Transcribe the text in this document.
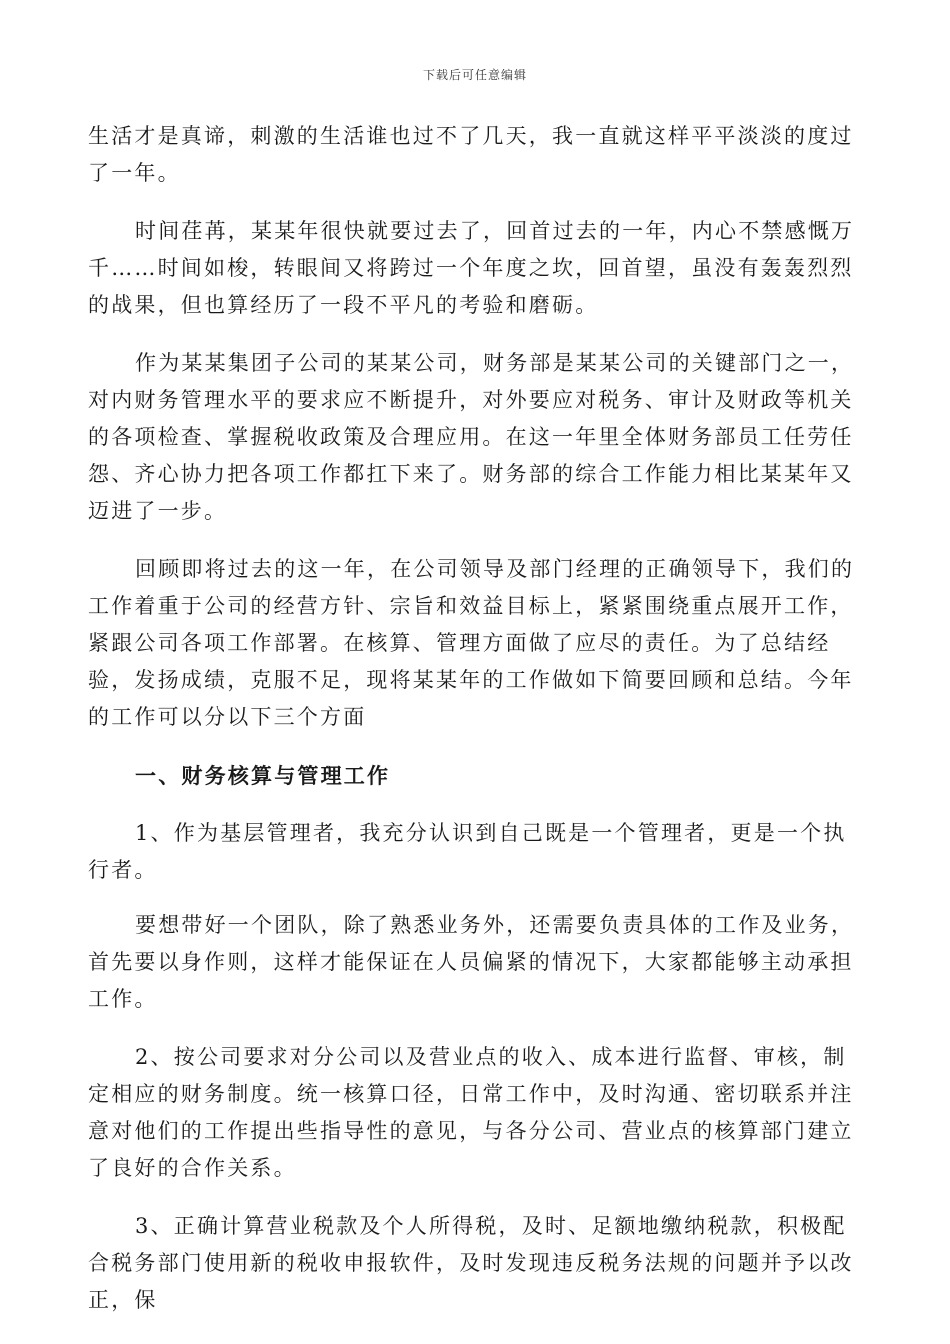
下载后可任意编辑

生活才是真谛，刺激的生活谁也过不了几天，我一直就这样平平淡淡的度过了一年。

时间荏苒，某某年很快就要过去了，回首过去的一年，内心不禁感慨万千……时间如梭，转眼间又将跨过一个年度之坎，回首望，虽没有轰轰烈烈的战果，但也算经历了一段不平凡的考验和磨砺。

作为某某集团子公司的某某公司，财务部是某某公司的关键部门之一，对内财务管理水平的要求应不断提升，对外要应对税务、审计及财政等机关的各项检查、掌握税收政策及合理应用。在这一年里全体财务部员工任劳任怨、齐心协力把各项工作都扛下来了。财务部的综合工作能力相比某某年又迈进了一步。

回顾即将过去的这一年，在公司领导及部门经理的正确领导下，我们的工作着重于公司的经营方针、宗旨和效益目标上，紧紧围绕重点展开工作，紧跟公司各项工作部署。在核算、管理方面做了应尽的责任。为了总结经验，发扬成绩，克服不足，现将某某年的工作做如下简要回顾和总结。今年的工作可以分以下三个方面

一、财务核算与管理工作

1、作为基层管理者，我充分认识到自己既是一个管理者，更是一个执行者。

要想带好一个团队，除了熟悉业务外，还需要负责具体的工作及业务，首先要以身作则，这样才能保证在人员偏紧的情况下，大家都能够主动承担工作。

2、按公司要求对分公司以及营业点的收入、成本进行监督、审核，制定相应的财务制度。统一核算口径，日常工作中，及时沟通、密切联系并注意对他们的工作提出些指导性的意见，与各分公司、营业点的核算部门建立了良好的合作关系。

3、正确计算营业税款及个人所得税，及时、足额地缴纳税款，积极配合税务部门使用新的税收申报软件，及时发现违反税务法规的问题并予以改正，保
